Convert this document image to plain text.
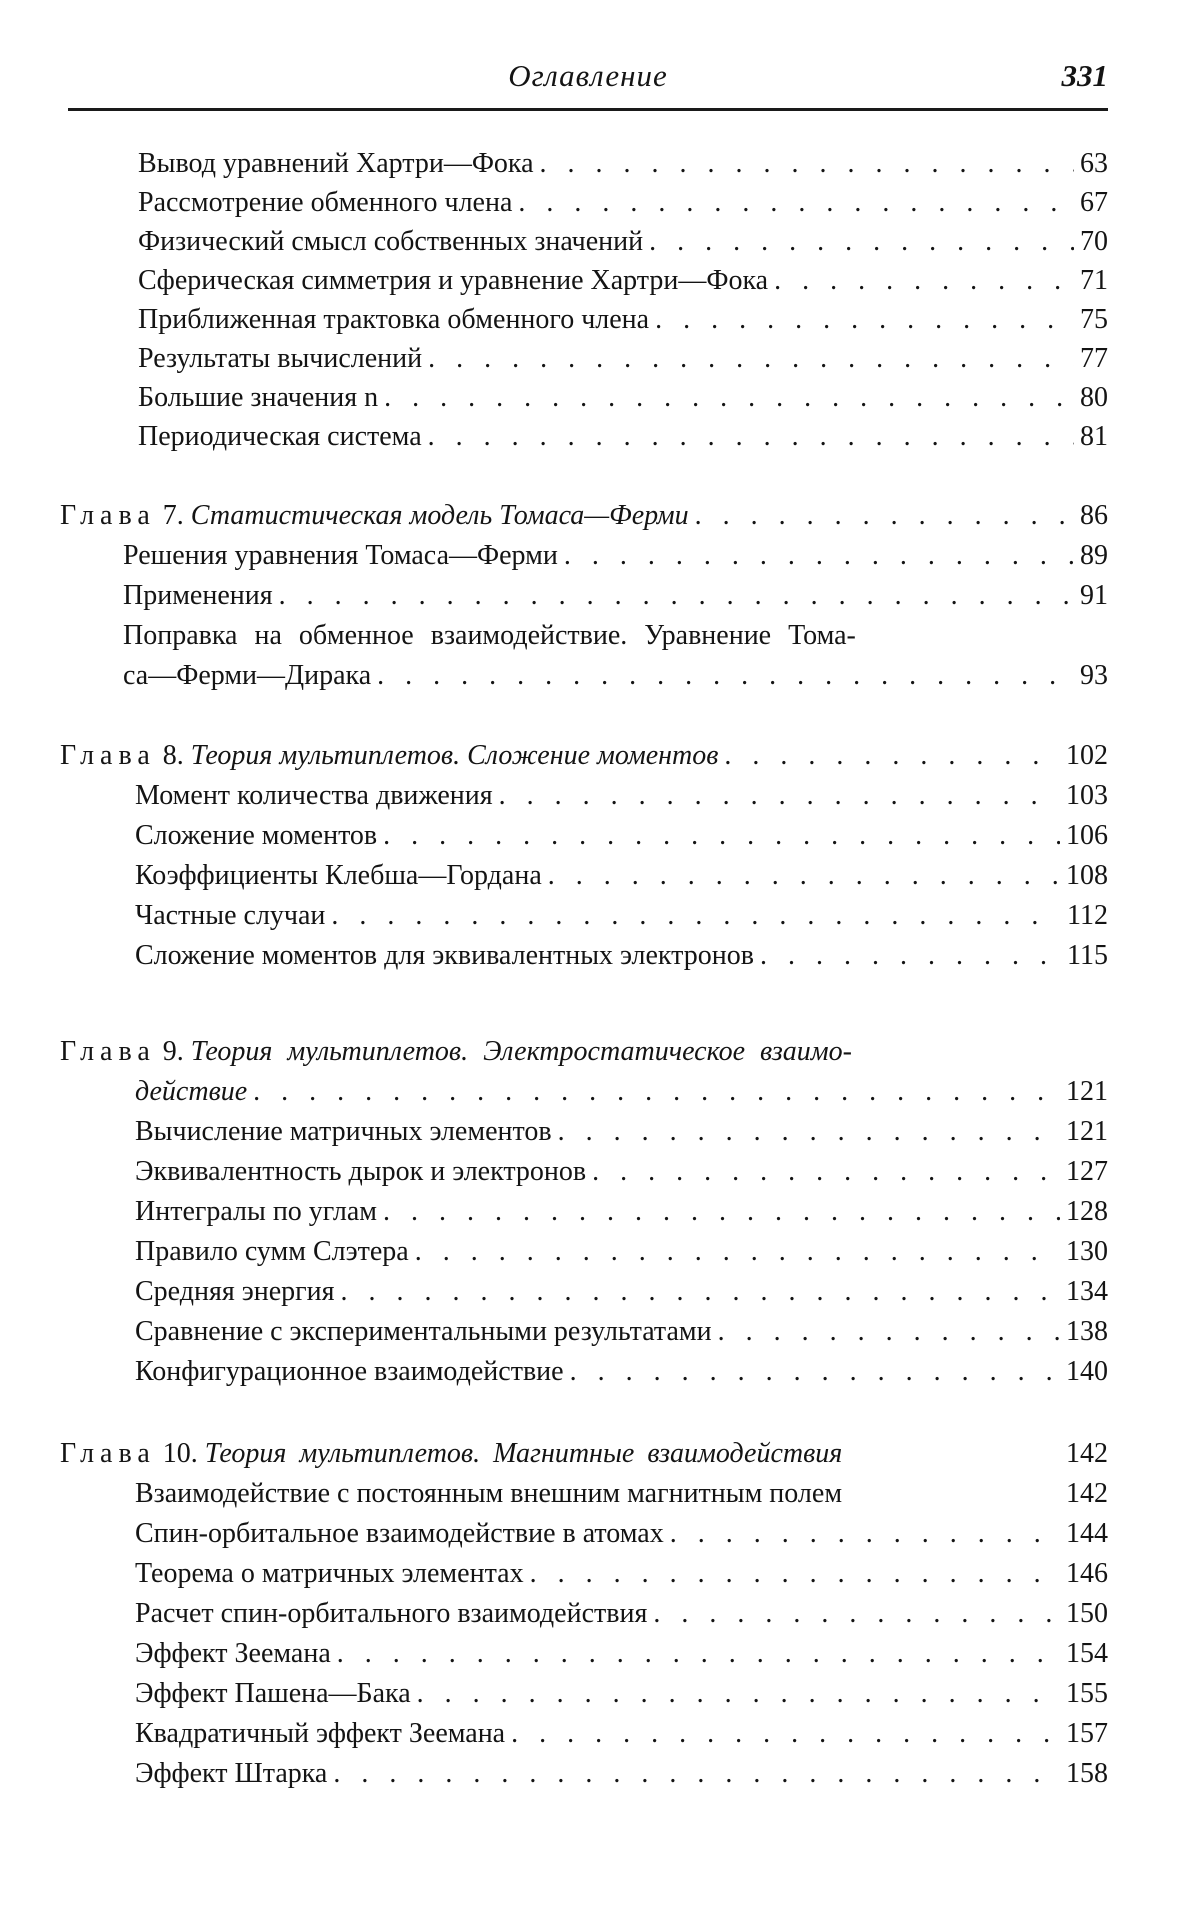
Оглавление	331
Вывод уравнений Хартри—Фока . . .	63
Рассмотрение обменного члена . . .	67
Физический смысл собственных значений . . .	70
Сферическая симметрия и уравнение Хартри—Фока . . .	71
Приближенная трактовка обменного члена . . .	75
Результаты вычислений . . .	77
Большие значения n . . .	80
Периодическая система . . .	81
Глава 7. Статистическая модель Томаса—Ферми . . .	86
Решения уравнения Томаса—Ферми . . .	89
Применения . . .	91
Поправка на обменное взаимодействие. Уравнение Тома-
са—Ферми—Дирака . . .	93
Глава 8. Теория мультиплетов. Сложение моментов . . .	102
Момент количества движения . . .	103
Сложение моментов . . .	106
Коэффициенты Клебша—Гордана . . .	108
Частные случаи . . .	112
Сложение моментов для эквивалентных электронов . . .	115
Глава 9. Теория мультиплетов. Электростатическое взаимо-
действие . . .	121
Вычисление матричных элементов . . .	121
Эквивалентность дырок и электронов . . .	127
Интегралы по углам . . .	128
Правило сумм Слэтера . . .	130
Средняя энергия . . .	134
Сравнение с экспериментальными результатами . . .	138
Конфигурационное взаимодействие . . .	140
Глава 10. Теория мультиплетов. Магнитные взаимодействия	142
Взаимодействие с постоянным внешним магнитным полем	142
Спин-орбитальное взаимодействие в атомах . . .	144
Теорема о матричных элементах . . .	146
Расчет спин-орбитального взаимодействия . . .	150
Эффект Зеемана . . .	154
Эффект Пашена—Бака . . .	155
Квадратичный эффект Зеемана . . .	157
Эффект Штарка . . .	158
